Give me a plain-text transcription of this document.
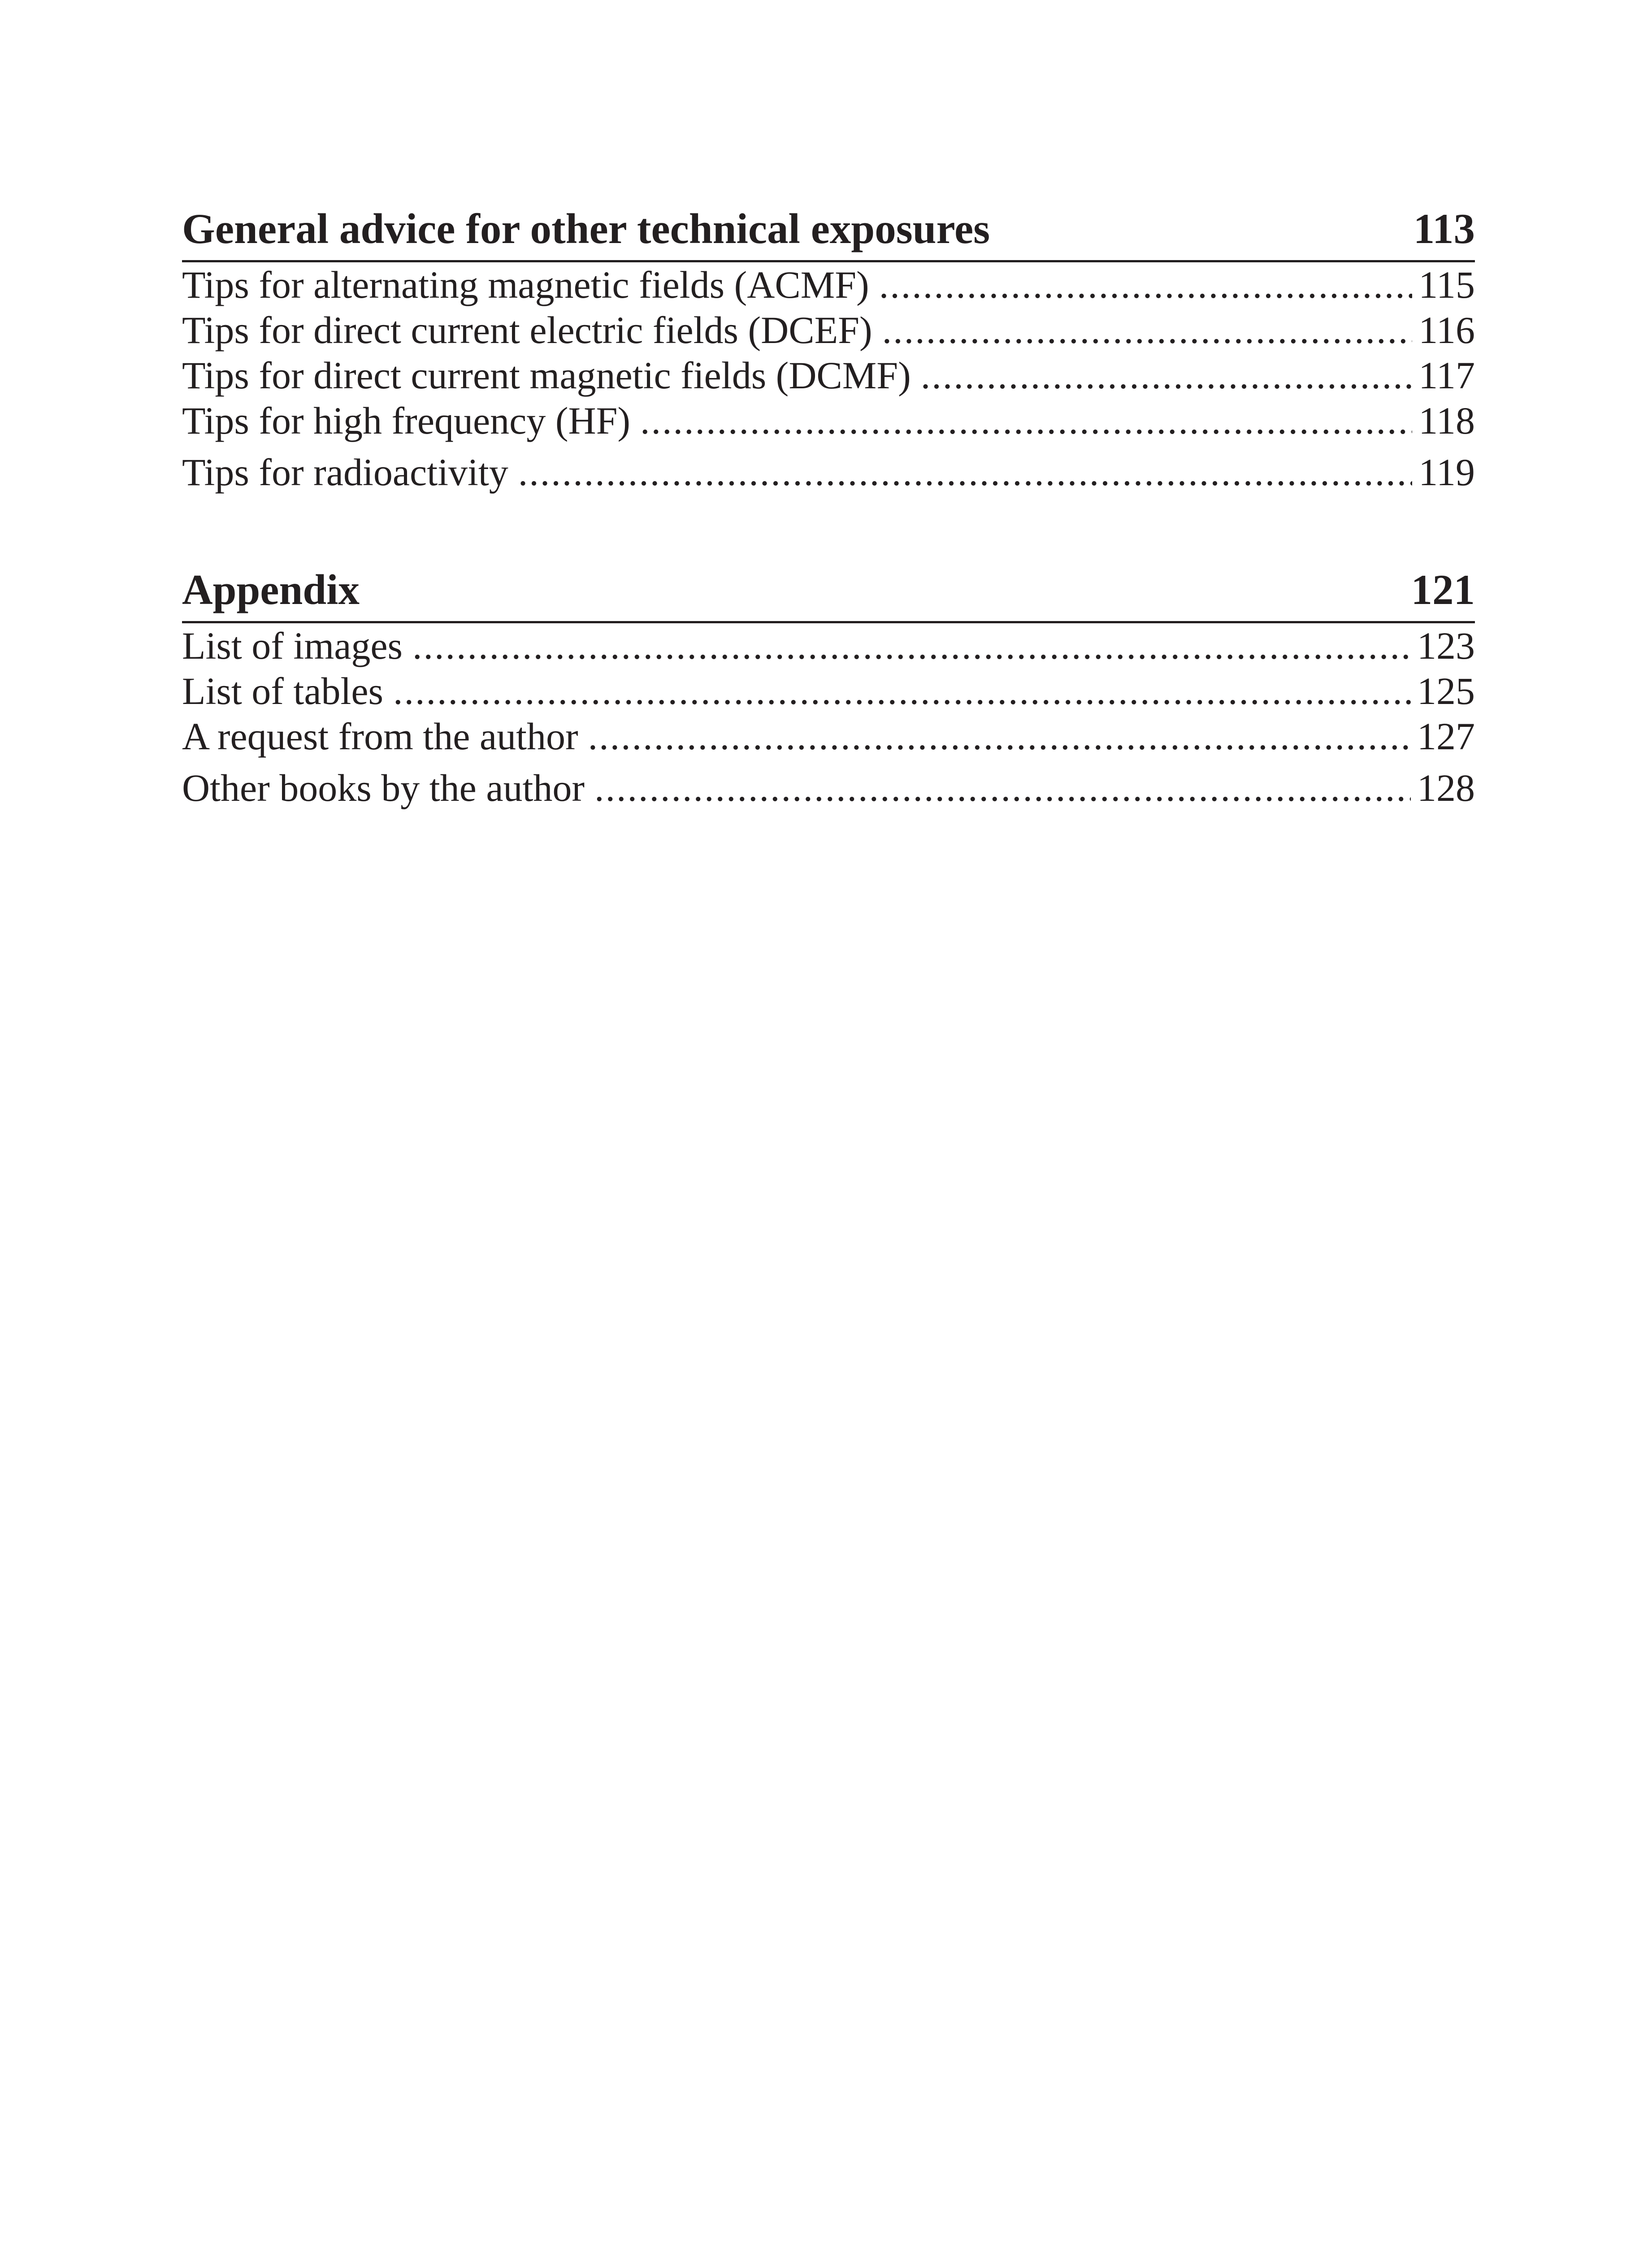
General advice for other technical exposures	113
Tips for alternating magnetic fields (ACMF) .....	115
Tips for direct current electric fields (DCEF) .....	116
Tips for direct current magnetic fields (DCMF) .....	117
Tips for high frequency (HF) .....	118
Tips for radioactivity .....	119
Appendix	121
List of images .....	123
List of tables .....	125
A request from the author .....	127
Other books by the author .....	128
